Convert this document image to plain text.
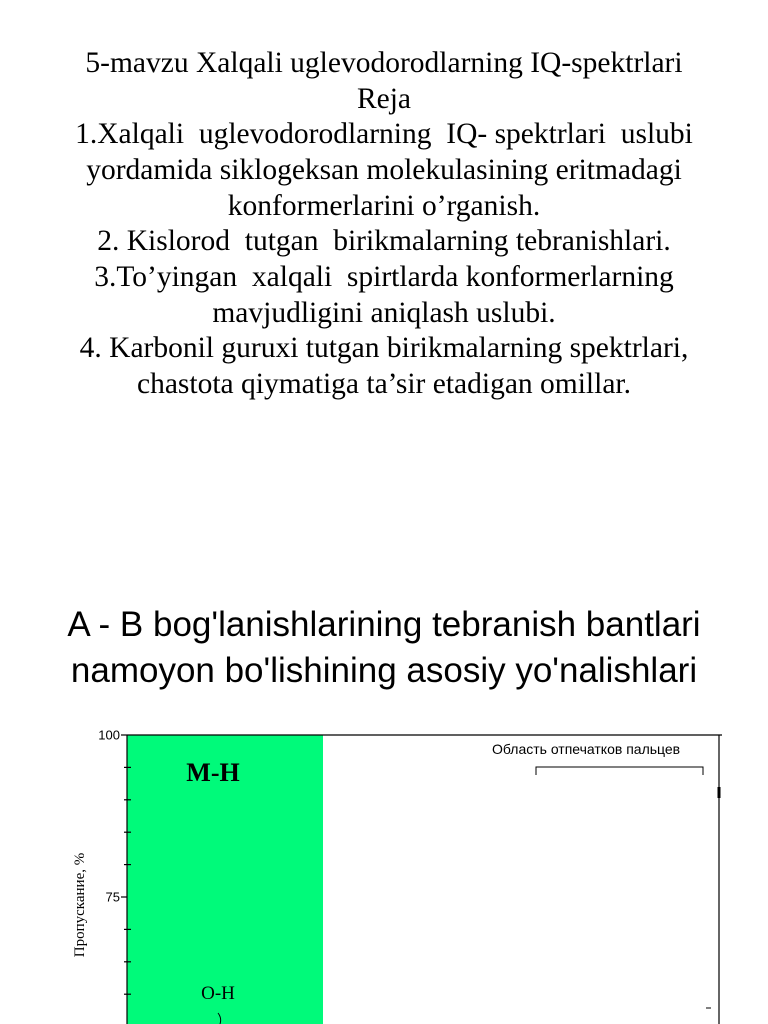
5-mavzu Xalqali uglevodorodlarning IQ-spektrlari
Reja
1.Xalqali  uglevodorodlarning  IQ- spektrlari  uslubi
yordamida siklogeksan molekulasining eritmadagi
konformerlarini o’rganish.
2. Kislorod  tutgan  birikmalarning tebranishlari.
3.To’yingan  xalqali  spirtlarda konformerlarning
mavjudligini aniqlash uslubi.
4. Karbonil guruxi tutgan birikmalarning spektrlari,
chastota qiymatiga ta’sir etadigan omillar.
A - B bog'lanishlarining tebranish bantlari
namoyon bo'lishining asosiy yo'nalishlari
100
75
Пропускание, %
M-H
O-H
Область отпечатков пальцев
